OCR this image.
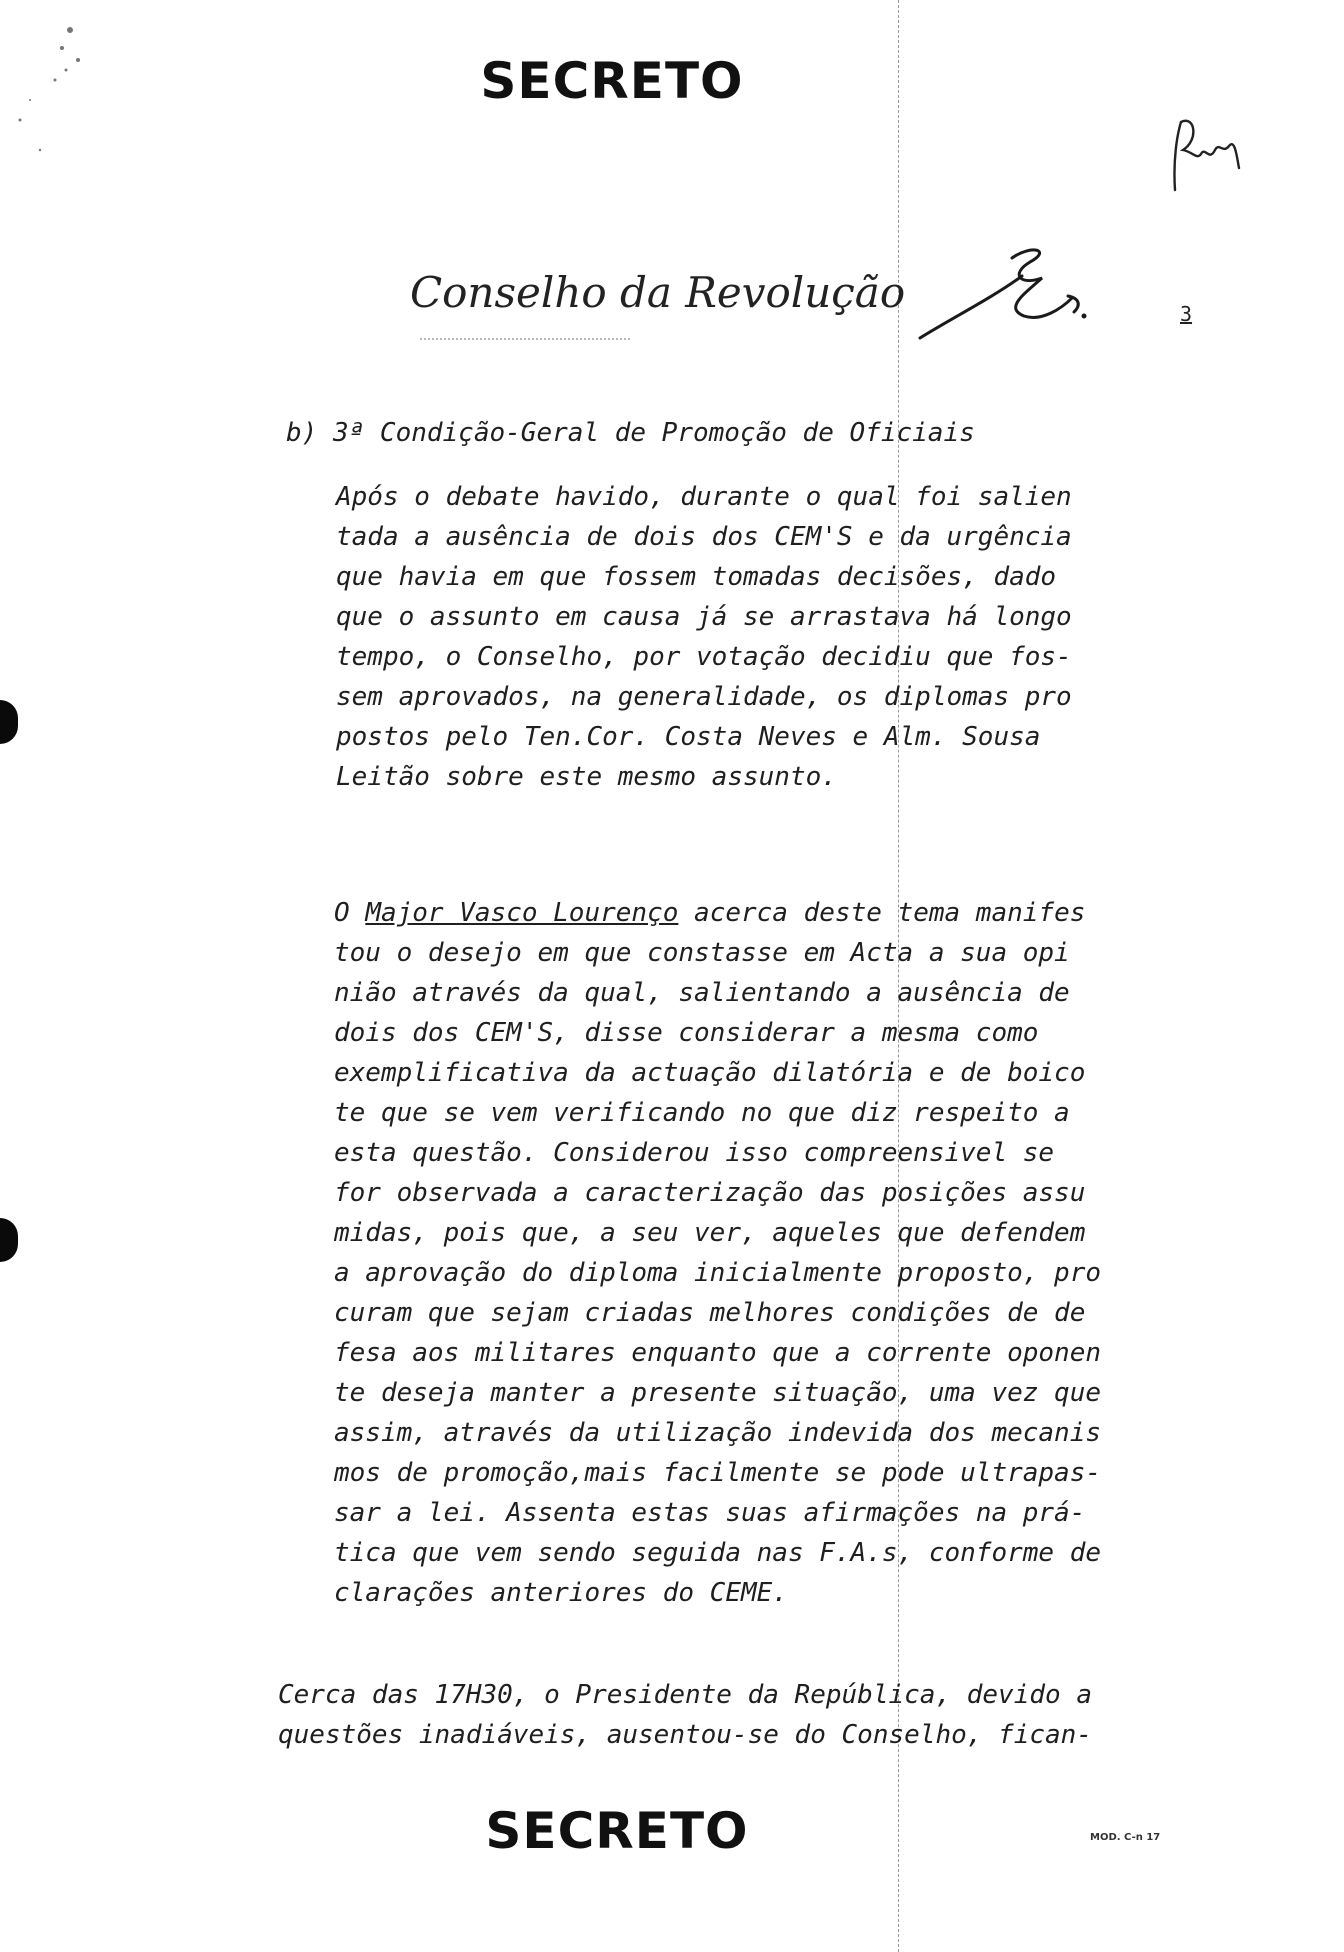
SECRETO
Conselho da Revolução	3
b) 3ª Condição-Geral de Promoção de Oficiais
Após o debate havido, durante o qual foi salien
tada a ausência de dois dos CEM'S e da urgência
que havia em que fossem tomadas decisões, dado
que o assunto em causa já se arrastava há longo
tempo, o Conselho, por votação decidiu que fos-
sem aprovados, na generalidade, os diplomas pro
postos pelo Ten.Cor. Costa Neves e Alm. Sousa
Leitão sobre este mesmo assunto.
O Major Vasco Lourenço acerca deste tema manifes
tou o desejo em que constasse em Acta a sua opi
nião através da qual, salientando a ausência de
dois dos CEM'S, disse considerar a mesma como
exemplificativa da actuação dilatória e de boico
te que se vem verificando no que diz respeito a
esta questão. Considerou isso compreensivel se
for observada a caracterização das posições assu
midas, pois que, a seu ver, aqueles que defendem
a aprovação do diploma inicialmente proposto, pro
curam que sejam criadas melhores condições de de
fesa aos militares enquanto que a corrente oponen
te deseja manter a presente situação, uma vez que
assim, através da utilização indevida dos mecanis
mos de promoção,mais facilmente se pode ultrapas-
sar a lei. Assenta estas suas afirmações na prá-
tica que vem sendo seguida nas F.A.s, conforme de
clarações anteriores do CEME.
Cerca das 17H30, o Presidente da República, devido a
questões inadiáveis, ausentou-se do Conselho, fican-
SECRETO	MOD. C-n 17
